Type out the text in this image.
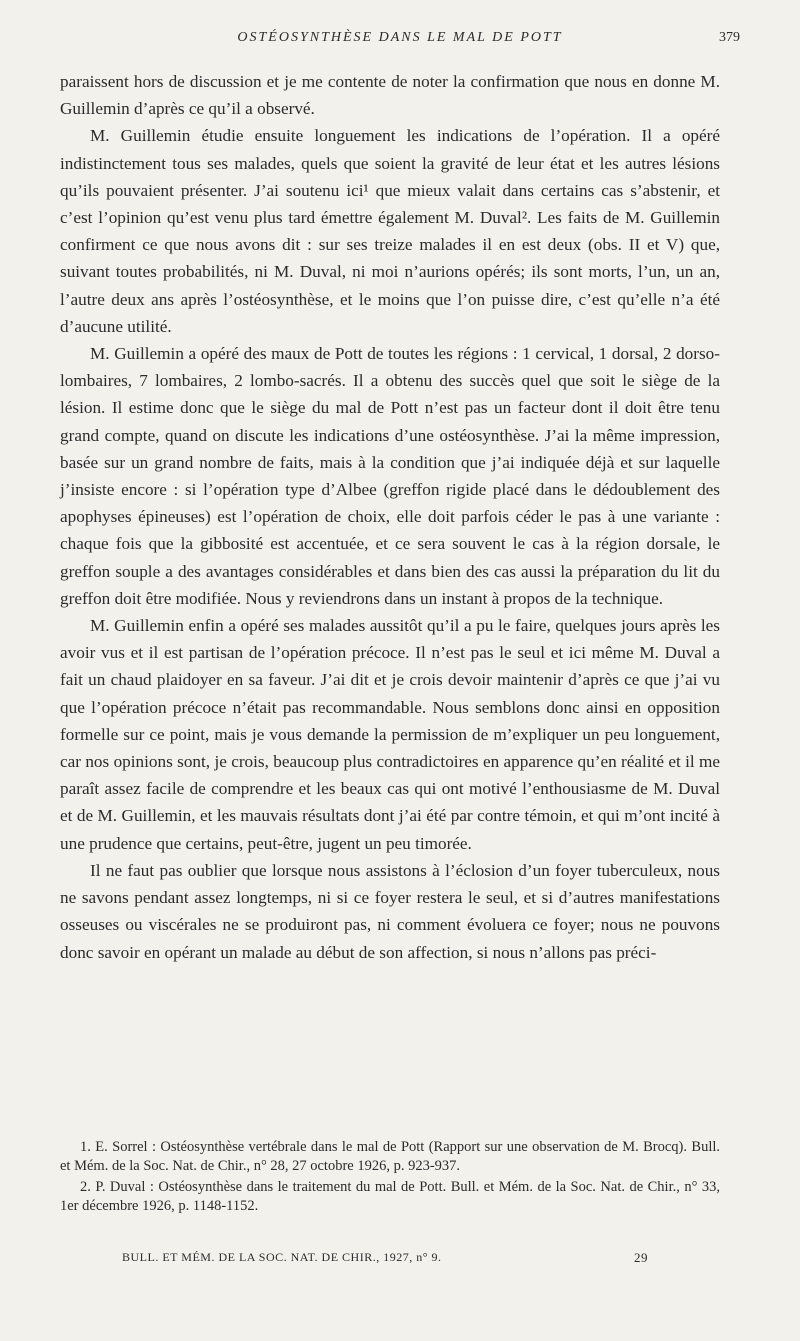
OSTÉOSYNTHÈSE DANS LE MAL DE POTT	379

paraissent hors de discussion et je me contente de noter la confirmation que nous en donne M. Guillemin d’après ce qu’il a observé.

M. Guillemin étudie ensuite longuement les indications de l’opération. Il a opéré indistinctement tous ses malades, quels que soient la gravité de leur état et les autres lésions qu’ils pouvaient présenter. J’ai soutenu ici¹ que mieux valait dans certains cas s’abstenir, et c’est l’opinion qu’est venu plus tard émettre également M. Duval². Les faits de M. Guillemin confirment ce que nous avons dit : sur ses treize malades il en est deux (obs. II et V) que, suivant toutes probabilités, ni M. Duval, ni moi n’aurions opérés; ils sont morts, l’un, un an, l’autre deux ans après l’ostéosynthèse, et le moins que l’on puisse dire, c’est qu’elle n’a été d’aucune utilité.

M. Guillemin a opéré des maux de Pott de toutes les régions : 1 cervical, 1 dorsal, 2 dorso-lombaires, 7 lombaires, 2 lombo-sacrés. Il a obtenu des succès quel que soit le siège de la lésion. Il estime donc que le siège du mal de Pott n’est pas un facteur dont il doit être tenu grand compte, quand on discute les indications d’une ostéosynthèse. J’ai la même impression, basée sur un grand nombre de faits, mais à la condition que j’ai indiquée déjà et sur laquelle j’insiste encore : si l’opération type d’Albee (greffon rigide placé dans le dédoublement des apophyses épineuses) est l’opération de choix, elle doit parfois céder le pas à une variante : chaque fois que la gibbosité est accentuée, et ce sera souvent le cas à la région dorsale, le greffon souple a des avantages considérables et dans bien des cas aussi la préparation du lit du greffon doit être modifiée. Nous y reviendrons dans un instant à propos de la technique.

M. Guillemin enfin a opéré ses malades aussitôt qu’il a pu le faire, quelques jours après les avoir vus et il est partisan de l’opération précoce. Il n’est pas le seul et ici même M. Duval a fait un chaud plaidoyer en sa faveur. J’ai dit et je crois devoir maintenir d’après ce que j’ai vu que l’opération précoce n’était pas recommandable. Nous semblons donc ainsi en opposition formelle sur ce point, mais je vous demande la permission de m’expliquer un peu longuement, car nos opinions sont, je crois, beaucoup plus contradictoires en apparence qu’en réalité et il me paraît assez facile de comprendre et les beaux cas qui ont motivé l’enthousiasme de M. Duval et de M. Guillemin, et les mauvais résultats dont j’ai été par contre témoin, et qui m’ont incité à une prudence que certains, peut-être, jugent un peu timorée.

Il ne faut pas oublier que lorsque nous assistons à l’éclosion d’un foyer tuberculeux, nous ne savons pendant assez longtemps, ni si ce foyer restera le seul, et si d’autres manifestations osseuses ou viscérales ne se produiront pas, ni comment évoluera ce foyer; nous ne pouvons donc savoir en opérant un malade au début de son affection, si nous n’allons pas préci-

1. E. Sorrel : Ostéosynthèse vertébrale dans le mal de Pott (Rapport sur une observation de M. Brocq). Bull. et Mém. de la Soc. Nat. de Chir., n° 28, 27 octobre 1926, p. 923-937.

2. P. Duval : Ostéosynthèse dans le traitement du mal de Pott. Bull. et Mém. de la Soc. Nat. de Chir., n° 33, 1er décembre 1926, p. 1148-1152.

BULL. ET MÉM. DE LA SOC. NAT. DE CHIR., 1927, n° 9.	29
